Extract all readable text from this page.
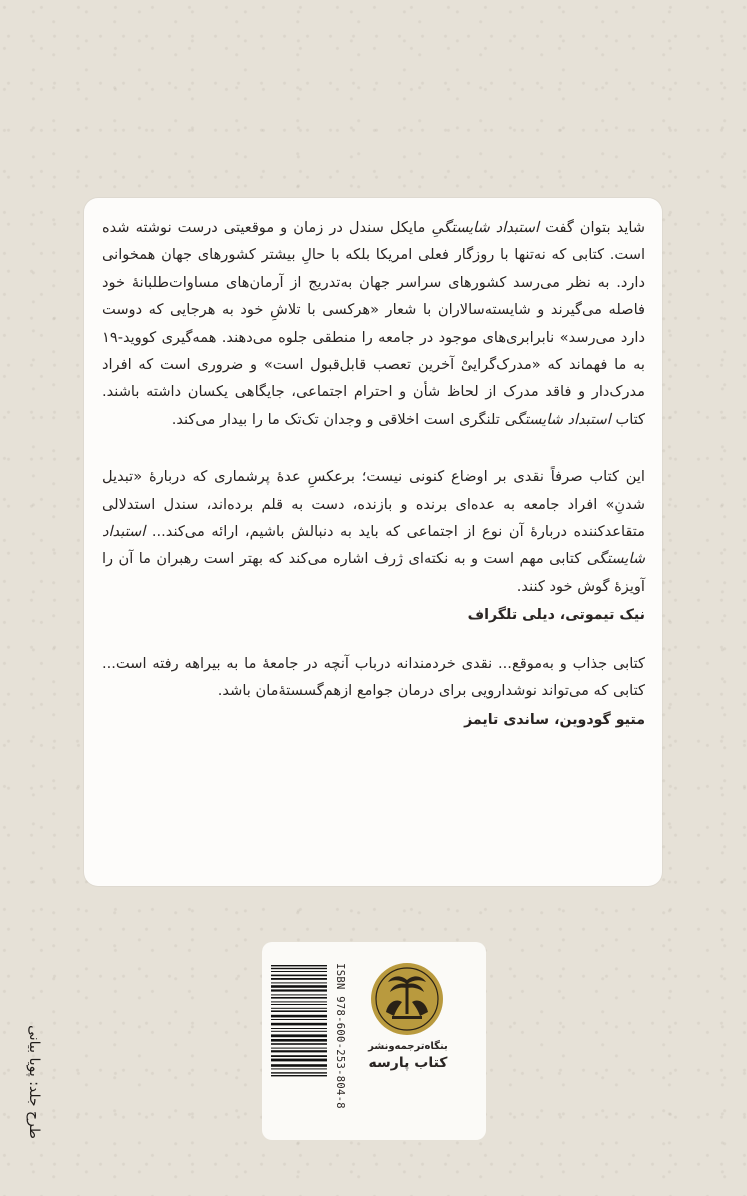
شاید بتوان گفت استبداد شایستگیِ مایکل سندل در زمان و موقعیتی درست نوشته شده است. کتابی که نه‌تنها با روزگار فعلی امریکا بلکه با حالِ بیشتر کشورهای جهان همخوانی دارد. به نظر می‌رسد کشورهای سراسر جهان به‌تدریج از آرمان‌های مساوات‌طلبانهٔ خود فاصله می‌گیرند و شایسته‌سالاران با شعار «هرکسی با تلاشِ خود به هرجایی که دوست دارد می‌رسد» نابرابری‌های موجود در جامعه را منطقی جلوه می‌دهند. همه‌گیری کووید-۱۹ به ما فهماند که «مدرک‌گراییْ آخرین تعصب قابل‌قبول است» و ضروری است که افراد مدرک‌دار و فاقد مدرک از لحاظ شأن و احترام اجتماعی، جایگاهی یکسان داشته باشند. کتاب استبداد شایستگی تلنگری است اخلاقی و وجدان تک‌تک ما را بیدار می‌کند.

این کتاب صرفاً نقدی بر اوضاع کنونی نیست؛ برعکسِ عدهٔ پرشماری که دربارهٔ «تبدیل شدنِ» افراد جامعه به عده‌ای برنده و بازنده، دست به قلم برده‌اند، سندل استدلالی متقاعدکننده دربارهٔ آن نوع از اجتماعی که باید به دنبالش باشیم، ارائه می‌کند... استبداد شایستگی کتابی مهم است و به نکته‌ای ژرف اشاره می‌کند که بهتر است رهبران ما آن را آویزهٔ گوش خود کنند.

نیک تیموتی، دیلی تلگراف

کتابی جذاب و به‌موقع... نقدی خردمندانه درباب آنچه در جامعهٔ ما به بیراهه رفته است... کتابی که می‌تواند نوشدارویی برای درمان جوامع ازهم‌گسستهٔ‌مان باشد.

متیو گودوین، ساندی تایمز

ISBN 978-600-253-804-8 بنگاه‌ترجمه‌ونشر
کتاب پارسه
طرح جلد: پویا بیانی
